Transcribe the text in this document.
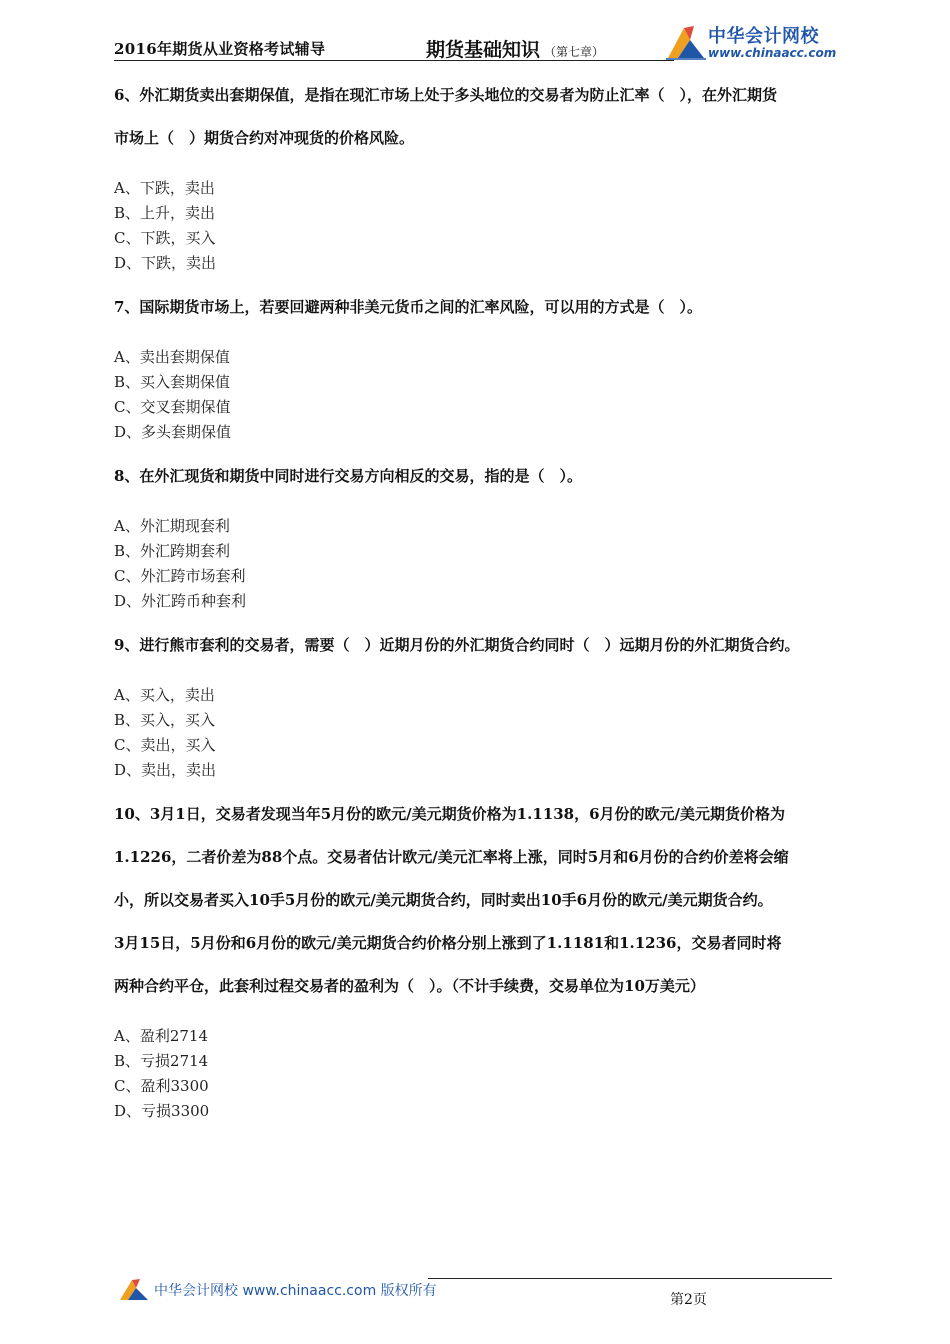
2016年期货从业资格考试辅导	期货基础知识 （第七章）
中华会计网校
www.chinaacc.com

6、外汇期货卖出套期保值，是指在现汇市场上处于多头地位的交易者为防止汇率（　），在外汇期货

市场上（　）期货合约对冲现货的价格风险。

A、下跌，卖出
B、上升，卖出
C、下跌，买入
D、下跌，卖出

7、国际期货市场上，若要回避两种非美元货币之间的汇率风险，可以用的方式是（　）。

A、卖出套期保值
B、买入套期保值
C、交叉套期保值
D、多头套期保值

8、在外汇现货和期货中同时进行交易方向相反的交易，指的是（　）。

A、外汇期现套利
B、外汇跨期套利
C、外汇跨市场套利
D、外汇跨币种套利

9、进行熊市套利的交易者，需要（　）近期月份的外汇期货合约同时（　）远期月份的外汇期货合约。

A、买入，卖出
B、买入，买入
C、卖出，买入
D、卖出，卖出

10、3月1日，交易者发现当年5月份的欧元/美元期货价格为1.1138，6月份的欧元/美元期货价格为

1.1226，二者价差为88个点。交易者估计欧元/美元汇率将上涨，同时5月和6月份的合约价差将会缩

小，所以交易者买入10手5月份的欧元/美元期货合约，同时卖出10手6月份的欧元/美元期货合约。

3月15日，5月份和6月份的欧元/美元期货合约价格分别上涨到了1.1181和1.1236，交易者同时将

两种合约平仓，此套利过程交易者的盈利为（　）。（不计手续费，交易单位为10万美元）

A、盈利2714
B、亏损2714
C、盈利3300
D、亏损3300
中华会计网校 www.chinaacc.com 版权所有
第2页
